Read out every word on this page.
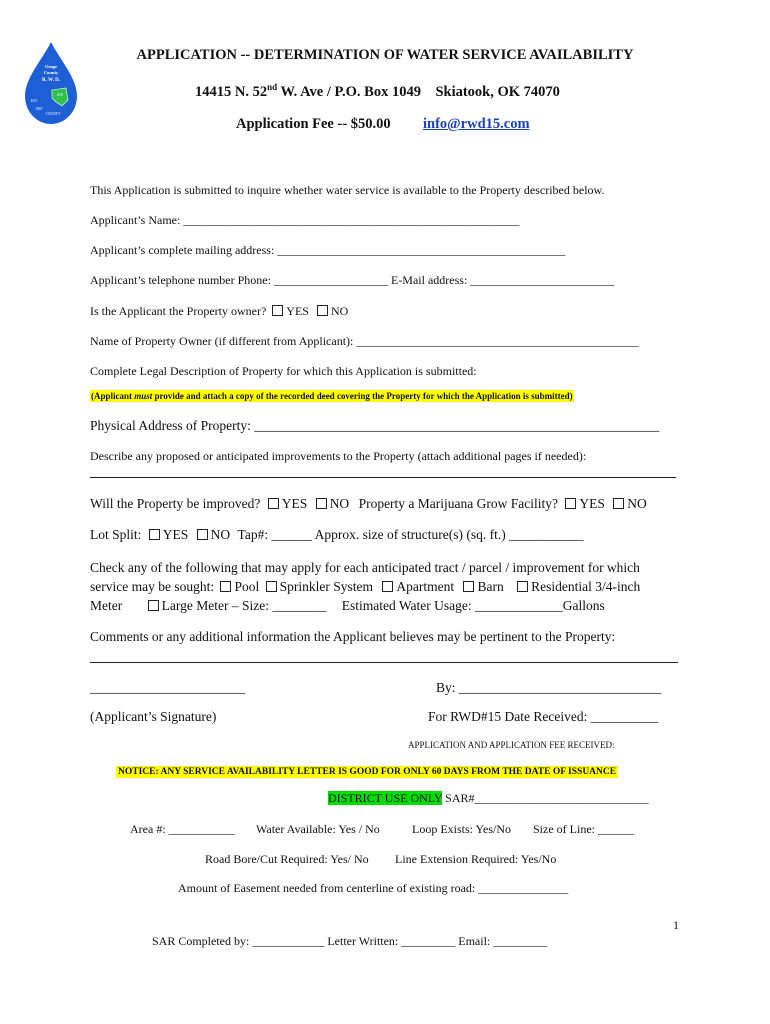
Osage
County
R. W. D.
#15
EST
1967
COUNTY
APPLICATION -- DETERMINATION OF WATER SERVICE AVAILABILITY
14415 N. 52nd W. Ave / P.O. Box 1049    Skiatook, OK 74070
Application Fee -- $50.00 info@rwd15.com
This Application is submitted to inquire whether water service is available to the Property described below.
Applicant’s Name: ________________________________________________________
Applicant’s complete mailing address: ________________________________________________
Applicant’s telephone number Phone: ___________________ E-Mail address: ________________________
Is the Applicant the Property owner? YES NO
Name of Property Owner (if different from Applicant): _______________________________________________
Complete Legal Description of Property for which this Application is submitted:
(Applicant must provide and attach a copy of the recorded deed covering the Property for which the Application is submitted)
Physical Address of Property: ____________________________________________________________
Describe any proposed or anticipated improvements to the Property (attach additional pages if needed):
Will the Property be improved? YES NO Property a Marijuana Grow Facility? YES NO
Lot Split: YES NO Tap#: ______ Approx. size of structure(s) (sq. ft.) ___________
Check any of the following that may apply for each anticipated tract / parcel / improvement for which
service may be sought: Pool Sprinkler System Apartment Barn Residential 3/4-inch
Meter	Large Meter – Size: ________ Estimated Water Usage: _____________Gallons
Comments or any additional information the Applicant believes may be pertinent to the Property:
_______________________	By: ______________________________
(Applicant’s Signature)	For RWD#15 Date Received: __________
APPLICATION AND APPLICATION FEE RECEIVED:
NOTICE: ANY SERVICE AVAILABILITY LETTER IS GOOD FOR ONLY 60 DAYS FROM THE DATE OF ISSUANCE
DISTRICT USE ONLY SAR#_____________________________
Area #: ___________ Water Available: Yes / No	Loop Exists: Yes/No Size of Line: ______
Road Bore/Cut Required: Yes/ No Line Extension Required: Yes/No
Amount of Easement needed from centerline of existing road: _______________
1
SAR Completed by: ____________ Letter Written: _________ Email: _________
